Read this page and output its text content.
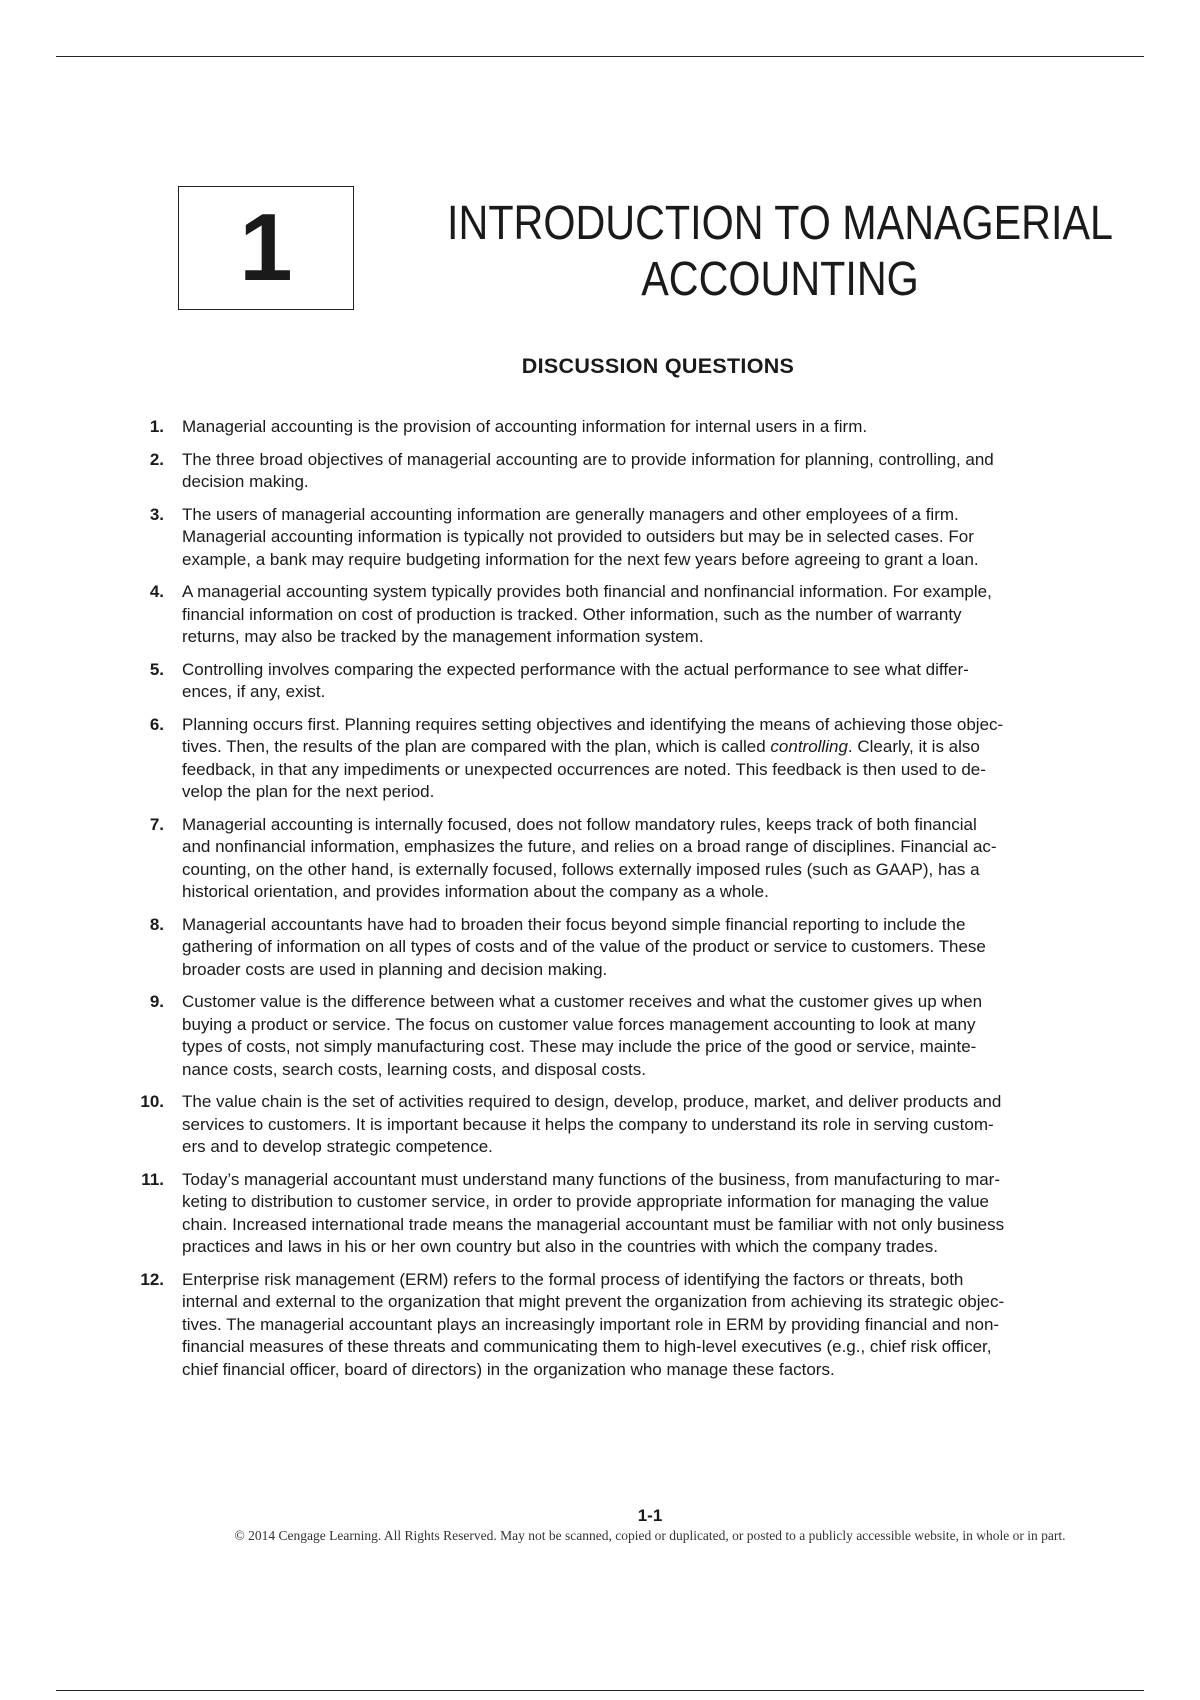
1	INTRODUCTION TO MANAGERIAL
ACCOUNTING
DISCUSSION QUESTIONS
1. Managerial accounting is the provision of accounting information for internal users in a firm.
2. The three broad objectives of managerial accounting are to provide information for planning, controlling, and
decision making.
3. The users of managerial accounting information are generally managers and other employees of a firm.
Managerial accounting information is typically not provided to outsiders but may be in selected cases. For
example, a bank may require budgeting information for the next few years before agreeing to grant a loan.
4. A managerial accounting system typically provides both financial and nonfinancial information. For example,
financial information on cost of production is tracked. Other information, such as the number of warranty
returns, may also be tracked by the management information system.
5. Controlling involves comparing the expected performance with the actual performance to see what differ-
ences, if any, exist.
6. Planning occurs first. Planning requires setting objectives and identifying the means of achieving those objec-
tives. Then, the results of the plan are compared with the plan, which is called controlling. Clearly, it is also
feedback, in that any impediments or unexpected occurrences are noted. This feedback is then used to de-
velop the plan for the next period.
7. Managerial accounting is internally focused, does not follow mandatory rules, keeps track of both financial
and nonfinancial information, emphasizes the future, and relies on a broad range of disciplines. Financial ac-
counting, on the other hand, is externally focused, follows externally imposed rules (such as GAAP), has a
historical orientation, and provides information about the company as a whole.
8. Managerial accountants have had to broaden their focus beyond simple financial reporting to include the
gathering of information on all types of costs and of the value of the product or service to customers. These
broader costs are used in planning and decision making.
9. Customer value is the difference between what a customer receives and what the customer gives up when
buying a product or service. The focus on customer value forces management accounting to look at many
types of costs, not simply manufacturing cost. These may include the price of the good or service, mainte-
nance costs, search costs, learning costs, and disposal costs.
10. The value chain is the set of activities required to design, develop, produce, market, and deliver products and
services to customers. It is important because it helps the company to understand its role in serving custom-
ers and to develop strategic competence.
11. Today’s managerial accountant must understand many functions of the business, from manufacturing to mar-
keting to distribution to customer service, in order to provide appropriate information for managing the value
chain. Increased international trade means the managerial accountant must be familiar with not only business
practices and laws in his or her own country but also in the countries with which the company trades.
12. Enterprise risk management (ERM) refers to the formal process of identifying the factors or threats, both
internal and external to the organization that might prevent the organization from achieving its strategic objec-
tives. The managerial accountant plays an increasingly important role in ERM by providing financial and non-
financial measures of these threats and communicating them to high-level executives (e.g., chief risk officer,
chief financial officer, board of directors) in the organization who manage these factors.
1-1
© 2014 Cengage Learning. All Rights Reserved. May not be scanned, copied or duplicated, or posted to a publicly accessible website, in whole or in part.
